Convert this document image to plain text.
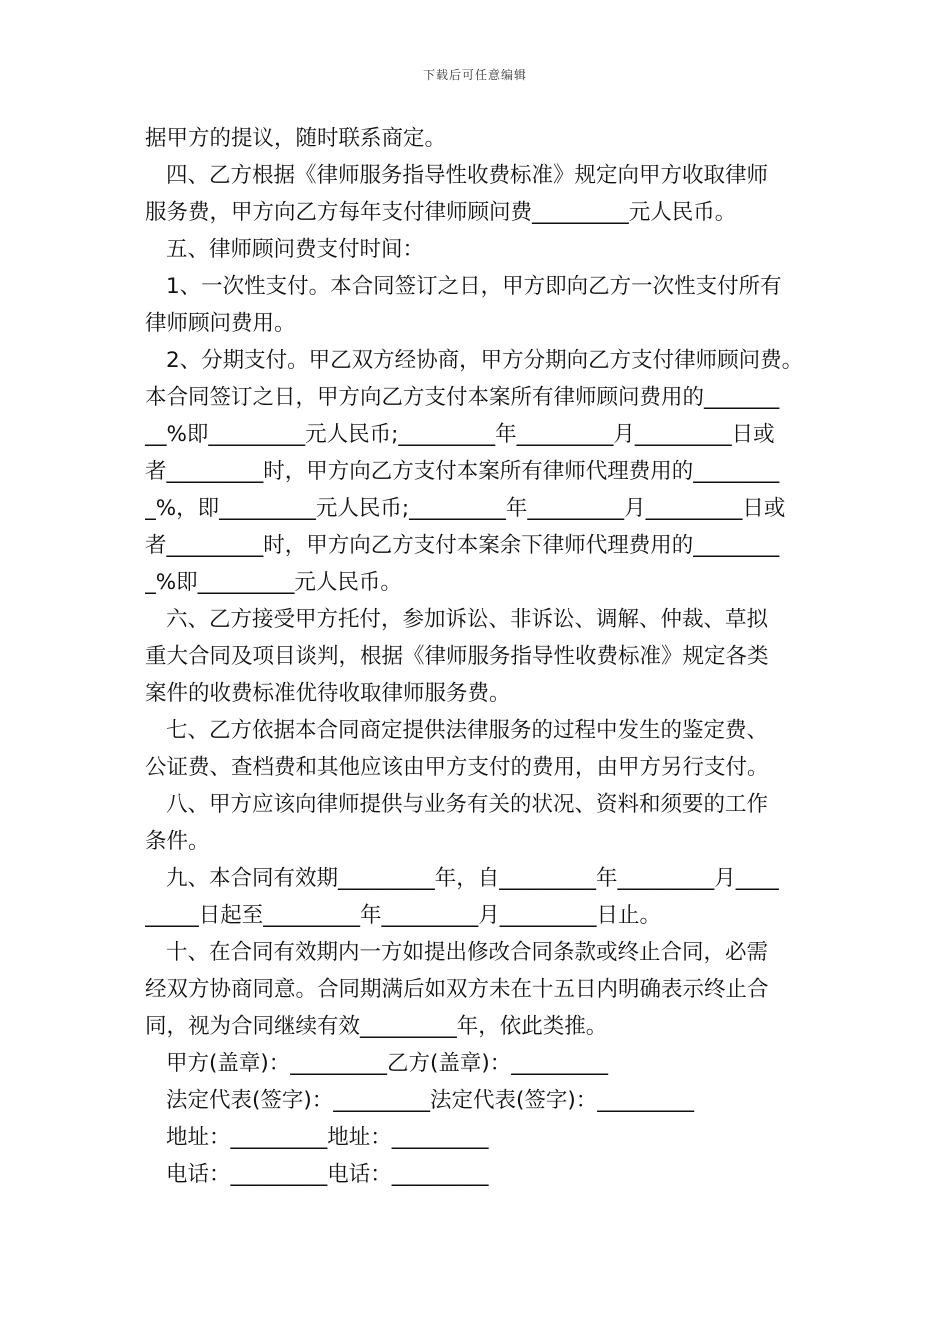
下载后可任意编辑
据甲方的提议，随时联系商定。
四、乙方根据《律师服务指导性收费标准》规定向甲方收取律师
服务费，甲方向乙方每年支付律师顾问费_________元人民币。
五、律师顾问费支付时间：
1、一次性支付。本合同签订之日，甲方即向乙方一次性支付所有
律师顾问费用。
2、分期支付。甲乙双方经协商，甲方分期向乙方支付律师顾问费。
本合同签订之日，甲方向乙方支付本案所有律师顾问费用的_______
__%即_________元人民币;_________年_________月_________日或
者_________时，甲方向乙方支付本案所有律师代理费用的________
_%，即_________元人民币;_________年_________月_________日或
者_________时，甲方向乙方支付本案余下律师代理费用的________
_%即_________元人民币。
六、乙方接受甲方托付，参加诉讼、非诉讼、调解、仲裁、草拟
重大合同及项目谈判，根据《律师服务指导性收费标准》规定各类
案件的收费标准优待收取律师服务费。
七、乙方依据本合同商定提供法律服务的过程中发生的鉴定费、
公证费、查档费和其他应该由甲方支付的费用，由甲方另行支付。
八、甲方应该向律师提供与业务有关的状况、资料和须要的工作
条件。
九、本合同有效期_________年，自_________年_________月____
_____日起至_________年_________月_________日止。
十、在合同有效期内一方如提出修改合同条款或终止合同，必需
经双方协商同意。合同期满后如双方未在十五日内明确表示终止合
同，视为合同继续有效_________年，依此类推。
甲方(盖章)：_________乙方(盖章)：_________
法定代表(签字)：_________法定代表(签字)：_________
地址：_________地址：_________
电话：_________电话：_________
